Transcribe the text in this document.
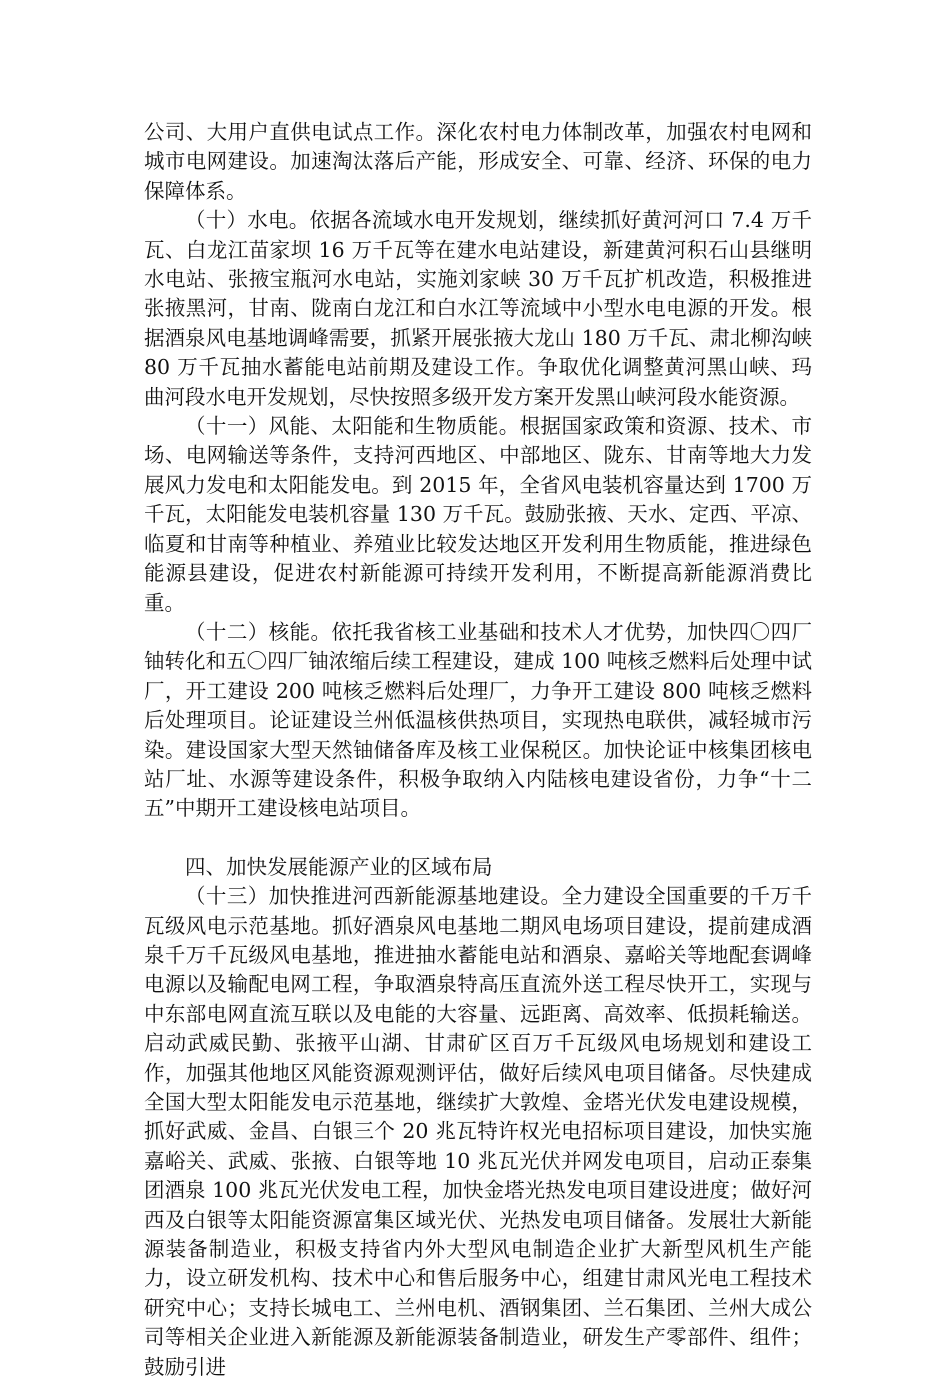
公司、大用户直供电试点工作。深化农村电力体制改革，加强农村电网和城市电网建设。加速淘汰落后产能，形成安全、可靠、经济、环保的电力保障体系。

（十）水电。依据各流域水电开发规划，继续抓好黄河河口 7.4 万千瓦、白龙江苗家坝 16 万千瓦等在建水电站建设，新建黄河积石山县继明水电站、张掖宝瓶河水电站，实施刘家峡 30 万千瓦扩机改造，积极推进张掖黑河，甘南、陇南白龙江和白水江等流域中小型水电电源的开发。根据酒泉风电基地调峰需要，抓紧开展张掖大龙山 180 万千瓦、肃北柳沟峡 80 万千瓦抽水蓄能电站前期及建设工作。争取优化调整黄河黑山峡、玛曲河段水电开发规划，尽快按照多级开发方案开发黑山峡河段水能资源。

（十一）风能、太阳能和生物质能。根据国家政策和资源、技术、市场、电网输送等条件，支持河西地区、中部地区、陇东、甘南等地大力发展风力发电和太阳能发电。到 2015 年，全省风电装机容量达到 1700 万千瓦，太阳能发电装机容量 130 万千瓦。鼓励张掖、天水、定西、平凉、临夏和甘南等种植业、养殖业比较发达地区开发利用生物质能，推进绿色能源县建设，促进农村新能源可持续开发利用，不断提高新能源消费比重。

（十二）核能。依托我省核工业基础和技术人才优势，加快四〇四厂铀转化和五〇四厂铀浓缩后续工程建设，建成 100 吨核乏燃料后处理中试厂，开工建设 200 吨核乏燃料后处理厂，力争开工建设 800 吨核乏燃料后处理项目。论证建设兰州低温核供热项目，实现热电联供，减轻城市污染。建设国家大型天然铀储备库及核工业保税区。加快论证中核集团核电站厂址、水源等建设条件，积极争取纳入内陆核电建设省份，力争“十二五”中期开工建设核电站项目。

四、加快发展能源产业的区域布局

（十三）加快推进河西新能源基地建设。全力建设全国重要的千万千瓦级风电示范基地。抓好酒泉风电基地二期风电场项目建设，提前建成酒泉千万千瓦级风电基地，推进抽水蓄能电站和酒泉、嘉峪关等地配套调峰电源以及输配电网工程，争取酒泉特高压直流外送工程尽快开工，实现与中东部电网直流互联以及电能的大容量、远距离、高效率、低损耗输送。启动武威民勤、张掖平山湖、甘肃矿区百万千瓦级风电场规划和建设工作，加强其他地区风能资源观测评估，做好后续风电项目储备。尽快建成全国大型太阳能发电示范基地，继续扩大敦煌、金塔光伏发电建设规模，抓好武威、金昌、白银三个 20 兆瓦特许权光电招标项目建设，加快实施嘉峪关、武威、张掖、白银等地 10 兆瓦光伏并网发电项目，启动正泰集团酒泉 100 兆瓦光伏发电工程，加快金塔光热发电项目建设进度；做好河西及白银等太阳能资源富集区域光伏、光热发电项目储备。发展壮大新能源装备制造业，积极支持省内外大型风电制造企业扩大新型风机生产能力，设立研发机构、技术中心和售后服务中心，组建甘肃风光电工程技术研究中心；支持长城电工、兰州电机、酒钢集团、兰石集团、兰州大成公司等相关企业进入新能源及新能源装备制造业，研发生产零部件、组件；鼓励引进
